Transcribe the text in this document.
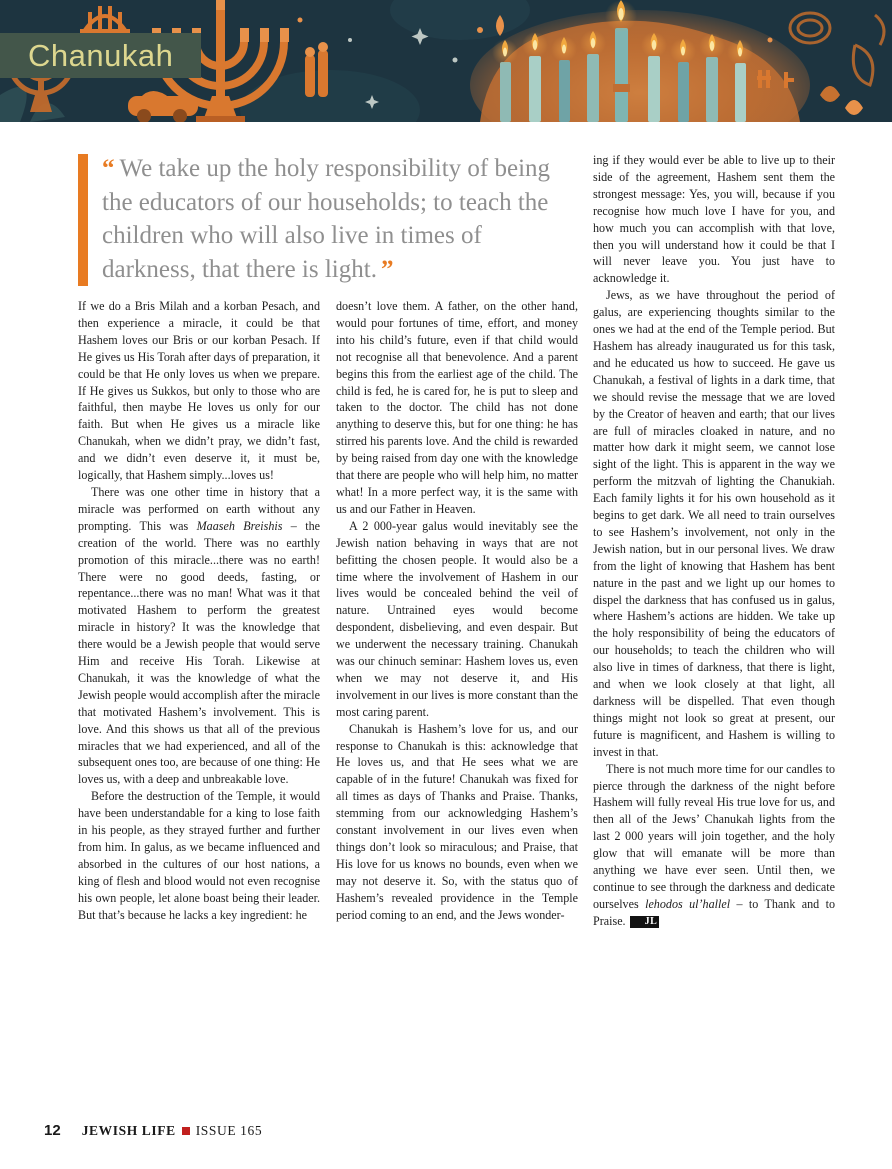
Chanukah
“ We take up the holy responsibility of being the educators of our households; to teach the children who will also live in times of darkness, that there is light. ”

If we do a Bris Milah and a korban Pesach, and then experience a miracle, it could be that Hashem loves our Bris or our korban Pesach. If He gives us His Torah after days of preparation, it could be that He only loves us when we prepare. If He gives us Sukkos, but only to those who are faithful, then maybe He loves us only for our faith. But when He gives us a miracle like Chanukah, when we didn’t pray, we didn’t fast, and we didn’t even deserve it, it must be, logically, that Hashem simply...loves us!

There was one other time in history that a miracle was performed on earth without any prompting. This was Maaseh Breishis – the creation of the world. There was no earthly promotion of this miracle...there was no earth! There were no good deeds, fasting, or repentance...there was no man! What was it that motivated Hashem to perform the greatest miracle in history? It was the knowledge that there would be a Jewish people that would serve Him and receive His Torah. Likewise at Chanukah, it was the knowledge of what the Jewish people would accomplish after the miracle that motivated Hashem’s involvement. This is love. And this shows us that all of the previous miracles that we had experienced, and all of the subsequent ones too, are because of one thing: He loves us, with a deep and unbreakable love.

Before the destruction of the Temple, it would have been understandable for a king to lose faith in his people, as they strayed further and further from him. In galus, as we became influenced and absorbed in the cultures of our host nations, a king of flesh and blood would not even recognise his own people, let alone boast being their leader. But that’s because he lacks a key ingredient: he

doesn’t love them. A father, on the other hand, would pour fortunes of time, effort, and money into his child’s future, even if that child would not recognise all that benevolence. And a parent begins this from the earliest age of the child. The child is fed, he is cared for, he is put to sleep and taken to the doctor. The child has not done anything to deserve this, but for one thing: he has stirred his parents love. And the child is rewarded by being raised from day one with the knowledge that there are people who will help him, no matter what! In a more perfect way, it is the same with us and our Father in Heaven.

A 2 000-year galus would inevitably see the Jewish nation behaving in ways that are not befitting the chosen people. It would also be a time where the involvement of Hashem in our lives would be concealed behind the veil of nature. Untrained eyes would become despondent, disbelieving, and even despair. But we underwent the necessary training. Chanukah was our chinuch seminar: Hashem loves us, even when we may not deserve it, and His involvement in our lives is more constant than the most caring parent.

Chanukah is Hashem’s love for us, and our response to Chanukah is this: acknowledge that He loves us, and that He sees what we are capable of in the future! Chanukah was fixed for all times as days of Thanks and Praise. Thanks, stemming from our acknowledging Hashem’s constant involvement in our lives even when things don’t look so miraculous; and Praise, that His love for us knows no bounds, even when we may not deserve it. So, with the status quo of Hashem’s revealed providence in the Temple period coming to an end, and the Jews wonder-

ing if they would ever be able to live up to their side of the agreement, Hashem sent them the strongest message: Yes, you will, because if you recognise how much love I have for you, and how much you can accomplish with that love, then you will understand how it could be that I will never leave you. You just have to acknowledge it.

Jews, as we have throughout the period of galus, are experiencing thoughts similar to the ones we had at the end of the Temple period. But Hashem has already inaugurated us for this task, and he educated us how to succeed. He gave us Chanukah, a festival of lights in a dark time, that we should revise the message that we are loved by the Creator of heaven and earth; that our lives are full of miracles cloaked in nature, and no matter how dark it might seem, we cannot lose sight of the light. This is apparent in the way we perform the mitzvah of lighting the Chanukiah. Each family lights it for his own household as it begins to get dark. We all need to train ourselves to see Hashem’s involvement, not only in the Jewish nation, but in our personal lives. We draw from the light of knowing that Hashem has bent nature in the past and we light up our homes to dispel the darkness that has confused us in galus, where Hashem’s actions are hidden. We take up the holy responsibility of being the educators of our households; to teach the children who will also live in times of darkness, that there is light, and when we look closely at that light, all darkness will be dispelled. That even though things might not look so great at present, our future is magnificent, and Hashem is willing to invest in that.

There is not much more time for our candles to pierce through the darkness of the night before Hashem will fully reveal His true love for us, and then all of the Jews’ Chanukah lights from the last 2 000 years will join together, and the holy glow that will emanate will be more than anything we have ever seen. Until then, we continue to see through the darkness and dedicate ourselves lehodos ul’hallel – to Thank and to Praise. JL

12 JEWISH LIFE ISSUE 165
